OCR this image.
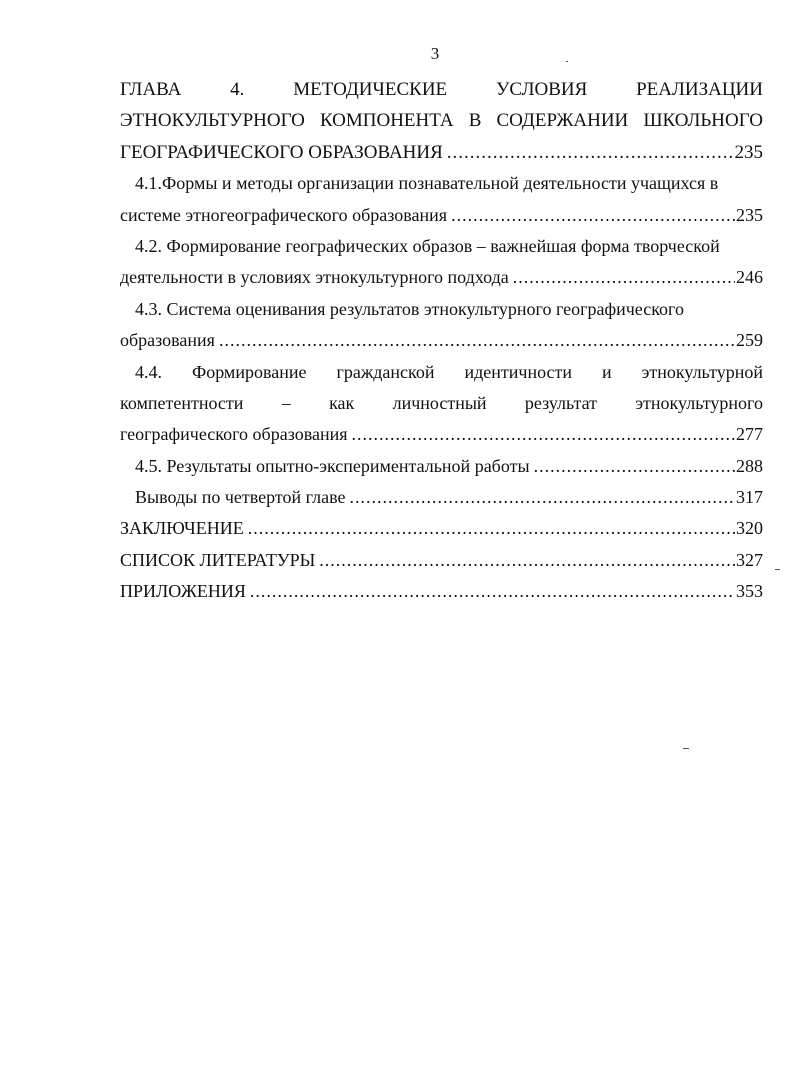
3
ГЛАВА	4.	МЕТОДИЧЕСКИЕ	УСЛОВИЯ	РЕАЛИЗАЦИИ
ЭТНОКУЛЬТУРНОГО КОМПОНЕНТА В СОДЕРЖАНИИ ШКОЛЬНОГО
ГЕОГРАФИЧЕСКОГО ОБРАЗОВАНИЯ .....	235
4.1.Формы и методы организации познавательной деятельности учащихся в
системе этногеографического образования .....	235
4.2. Формирование географических образов – важнейшая форма творческой
деятельности в условиях этнокультурного подхода .....	246
4.3. Система оценивания результатов этнокультурного географического
образования .....	259
4.4. Формирование гражданской идентичности и этнокультурной
компетентности – как личностный результат этнокультурного
географического образования .....	277
4.5. Результаты опытно-экспериментальной работы .....	288
Выводы по четвертой главе .....	317
ЗАКЛЮЧЕНИЕ .....	320
СПИСОК ЛИТЕРАТУРЫ .....	327
ПРИЛОЖЕНИЯ .....	353
